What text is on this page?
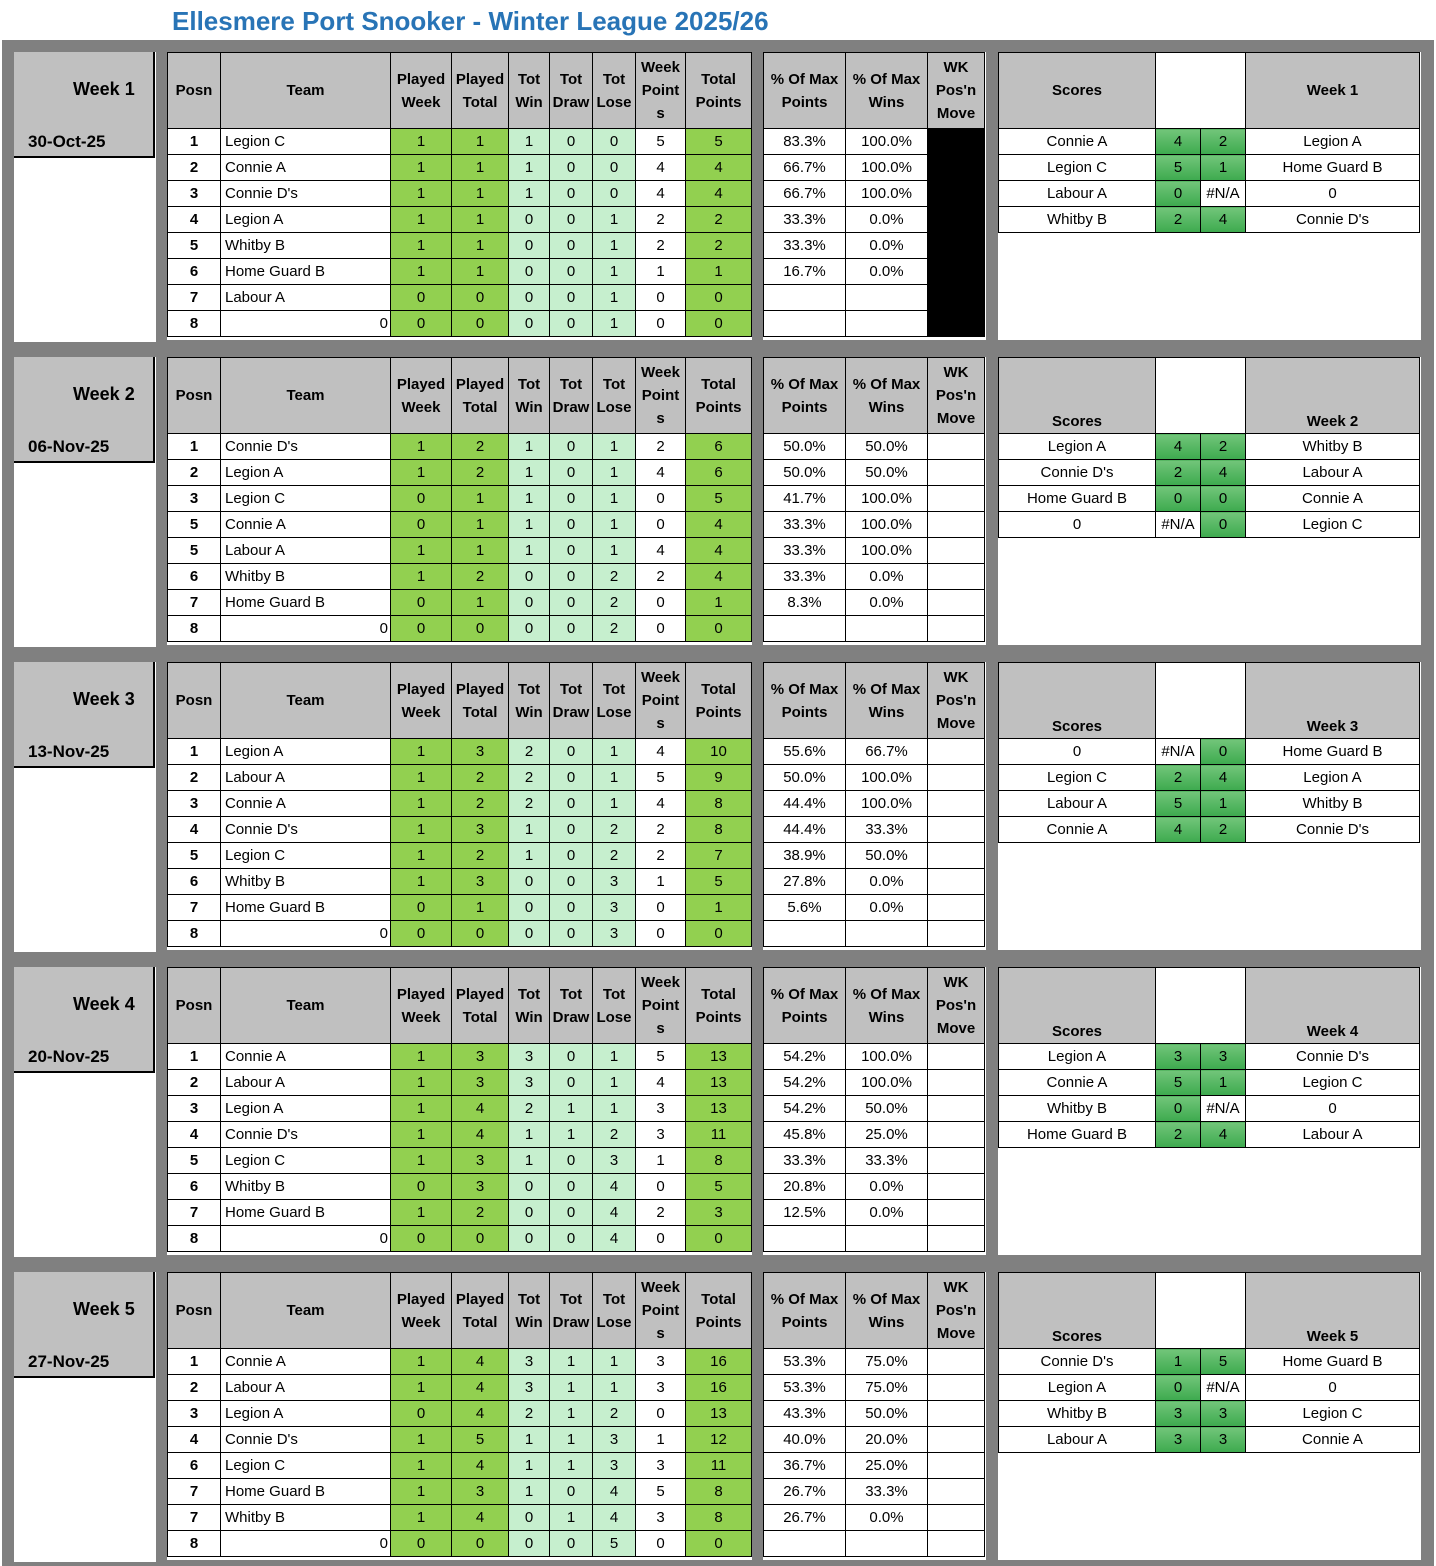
Ellesmere Port Snooker - Winter League 2025/26
Week 1
30-Oct-25
Posn	Team	Played Week	Played Total	Tot Win	Tot Draw	Tot Lose	Week Point s	Total Points
1	Legion C	1	1	1	0	0	5	5
2	Connie A	1	1	1	0	0	4	4
3	Connie D's	1	1	1	0	0	4	4
4	Legion A	1	1	0	0	1	2	2
5	Whitby B	1	1	0	0	1	2	2
6	Home Guard B	1	1	0	0	1	1	1
7	Labour A	0	0	0	0	1	0	0
8	0	0	0	0	0	1	0	0
% Of Max Points	% Of Max Wins	WK Pos'n Move
83.3%	100.0%	
66.7%	100.0%	
66.7%	100.0%	
33.3%	0.0%	
33.3%	0.0%	
16.7%	0.0%	

Scores			Week 1
Connie A	4	2	Legion A
Legion C	5	1	Home Guard B
Labour A	0	#N/A	0
Whitby B	2	4	Connie D's
Week 2
06-Nov-25
Posn	Team	Played Week	Played Total	Tot Win	Tot Draw	Tot Lose	Week Point s	Total Points
1	Connie D's	1	2	1	0	1	2	6
2	Legion A	1	2	1	0	1	4	6
3	Legion C	0	1	1	0	1	0	5
5	Connie A	0	1	1	0	1	0	4
5	Labour A	1	1	1	0	1	4	4
6	Whitby B	1	2	0	0	2	2	4
7	Home Guard B	0	1	0	0	2	0	1
8	0	0	0	0	0	2	0	0
% Of Max Points	% Of Max Wins	WK Pos'n Move
50.0%	50.0%	
50.0%	50.0%	
41.7%	100.0%	
33.3%	100.0%	
33.3%	100.0%	
33.3%	0.0%	
8.3%	0.0%	

Scores			Week 2
Legion A	4	2	Whitby B
Connie D's	2	4	Labour A
Home Guard B	0	0	Connie A
0	#N/A	0	Legion C
Week 3
13-Nov-25
Posn	Team	Played Week	Played Total	Tot Win	Tot Draw	Tot Lose	Week Point s	Total Points
1	Legion A	1	3	2	0	1	4	10
2	Labour A	1	2	2	0	1	5	9
3	Connie A	1	2	2	0	1	4	8
4	Connie D's	1	3	1	0	2	2	8
5	Legion C	1	2	1	0	2	2	7
6	Whitby B	1	3	0	0	3	1	5
7	Home Guard B	0	1	0	0	3	0	1
8	0	0	0	0	0	3	0	0
% Of Max Points	% Of Max Wins	WK Pos'n Move
55.6%	66.7%	
50.0%	100.0%	
44.4%	100.0%	
44.4%	33.3%	
38.9%	50.0%	
27.8%	0.0%	
5.6%	0.0%	

Scores			Week 3
0	#N/A	0	Home Guard B
Legion C	2	4	Legion A
Labour A	5	1	Whitby B
Connie A	4	2	Connie D's
Week 4
20-Nov-25
Posn	Team	Played Week	Played Total	Tot Win	Tot Draw	Tot Lose	Week Point s	Total Points
1	Connie A	1	3	3	0	1	5	13
2	Labour A	1	3	3	0	1	4	13
3	Legion A	1	4	2	1	1	3	13
4	Connie D's	1	4	1	1	2	3	11
5	Legion C	1	3	1	0	3	1	8
6	Whitby B	0	3	0	0	4	0	5
7	Home Guard B	1	2	0	0	4	2	3
8	0	0	0	0	0	4	0	0
% Of Max Points	% Of Max Wins	WK Pos'n Move
54.2%	100.0%	
54.2%	100.0%	
54.2%	50.0%	
45.8%	25.0%	
33.3%	33.3%	
20.8%	0.0%	
12.5%	0.0%	

Scores			Week 4
Legion A	3	3	Connie D's
Connie A	5	1	Legion C
Whitby B	0	#N/A	0
Home Guard B	2	4	Labour A
Week 5
27-Nov-25
Posn	Team	Played Week	Played Total	Tot Win	Tot Draw	Tot Lose	Week Point s	Total Points
1	Connie A	1	4	3	1	1	3	16
2	Labour A	1	4	3	1	1	3	16
3	Legion A	0	4	2	1	2	0	13
4	Connie D's	1	5	1	1	3	1	12
6	Legion C	1	4	1	1	3	3	11
7	Home Guard B	1	3	1	0	4	5	8
7	Whitby B	1	4	0	1	4	3	8
8	0	0	0	0	0	5	0	0
% Of Max Points	% Of Max Wins	WK Pos'n Move
53.3%	75.0%	
53.3%	75.0%	
43.3%	50.0%	
40.0%	20.0%	
36.7%	25.0%	
26.7%	33.3%	
26.7%	0.0%	

Scores			Week 5
Connie D's	1	5	Home Guard B
Legion A	0	#N/A	0
Whitby B	3	3	Legion C
Labour A	3	3	Connie A
